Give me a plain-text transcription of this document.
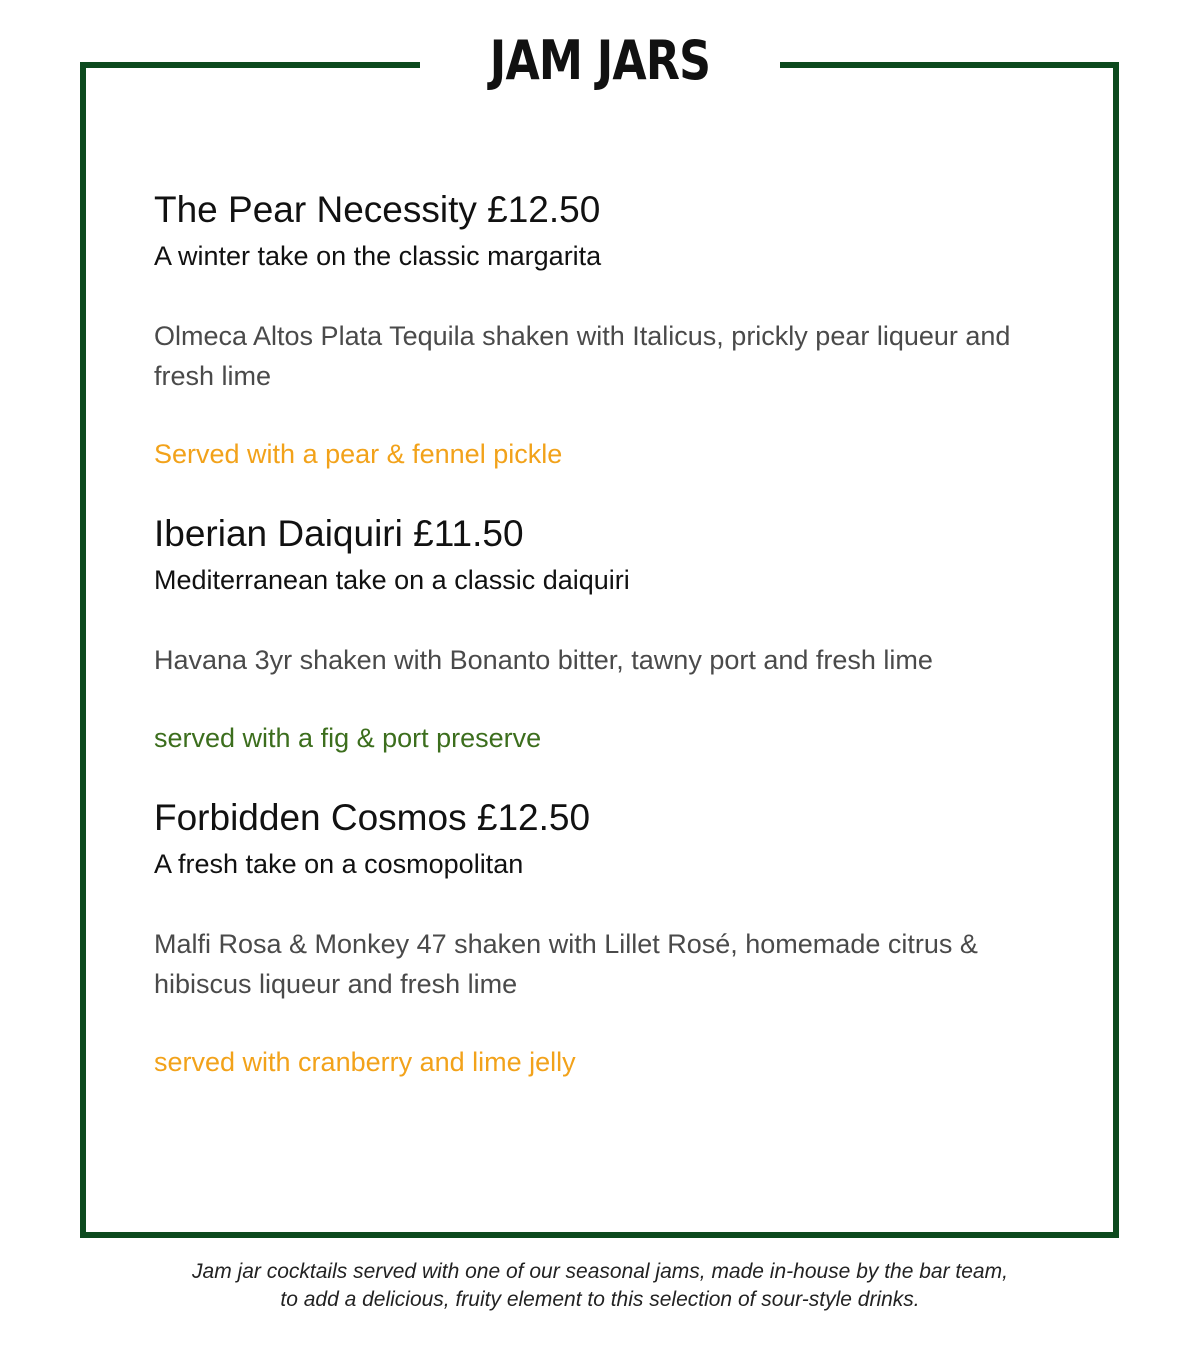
JAM JARS
The Pear Necessity £12.50
A winter take on the classic margarita
Olmeca Altos Plata Tequila shaken with Italicus, prickly pear liqueur and fresh lime
Served with a pear & fennel pickle
Iberian Daiquiri £11.50
Mediterranean take on a classic daiquiri
Havana 3yr shaken with Bonanto bitter, tawny port and fresh lime
served with a fig & port preserve
Forbidden Cosmos £12.50
A fresh take on a cosmopolitan
Malfi Rosa & Monkey 47 shaken with Lillet Rosé, homemade citrus & hibiscus liqueur and fresh lime
served with cranberry and lime jelly
Jam jar cocktails served with one of our seasonal jams, made in-house by the bar team,
to add a delicious, fruity element to this selection of sour-style drinks.
